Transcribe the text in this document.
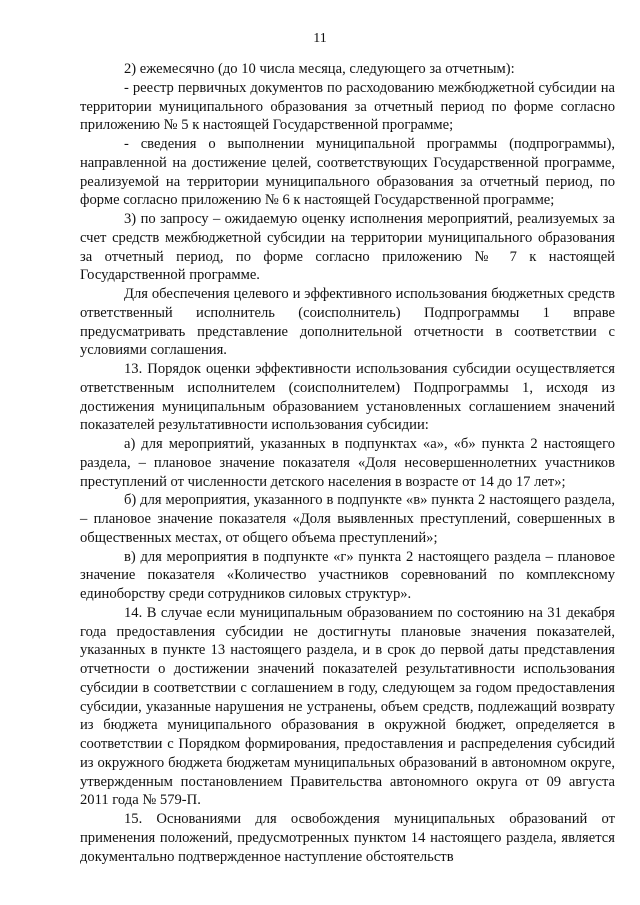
11

2) ежемесячно (до 10 числа месяца, следующего за отчетным):

- реестр первичных документов по расходованию межбюджетной субсидии на территории муниципального образования за отчетный период по форме согласно приложению № 5 к настоящей Государственной программе;

- сведения о выполнении муниципальной программы (подпрограммы), направленной на достижение целей, соответствующих Государственной программе, реализуемой на территории муниципального образования за отчетный период, по форме согласно приложению № 6 к настоящей Государственной программе;

3) по запросу – ожидаемую оценку исполнения мероприятий, реализуемых за счет средств межбюджетной субсидии на территории муниципального образования за отчетный период, по форме согласно приложению № 7 к настоящей Государственной программе.

Для обеспечения целевого и эффективного использования бюджетных средств ответственный исполнитель (соисполнитель) Подпрограммы 1 вправе предусматривать представление дополнительной отчетности в соответствии с условиями соглашения.

13. Порядок оценки эффективности использования субсидии осуществляется ответственным исполнителем (соисполнителем) Подпрограммы 1, исходя из достижения муниципальным образованием установленных соглашением значений показателей результативности использования субсидии:

а) для мероприятий, указанных в подпунктах «а», «б» пункта 2 настоящего раздела, – плановое значение показателя «Доля несовершеннолетних участников преступлений от численности детского населения в возрасте от 14 до 17 лет»;

б) для мероприятия, указанного в подпункте «в» пункта 2 настоящего раздела, – плановое значение показателя «Доля выявленных преступлений, совершенных в общественных местах, от общего объема преступлений»;

в) для мероприятия в подпункте «г» пункта 2 настоящего раздела – плановое значение показателя «Количество участников соревнований по комплексному единоборству среди сотрудников силовых структур».

14. В случае если муниципальным образованием по состоянию на 31 декабря года предоставления субсидии не достигнуты плановые значения показателей, указанных в пункте 13 настоящего раздела, и в срок до первой даты представления отчетности о достижении значений показателей результативности использования субсидии в соответствии с соглашением в году, следующем за годом предоставления субсидии, указанные нарушения не устранены, объем средств, подлежащий возврату из бюджета муниципального образования в окружной бюджет, определяется в соответствии с Порядком формирования, предоставления и распределения субсидий из окружного бюджета бюджетам муниципальных образований в автономном округе, утвержденным постановлением Правительства автономного округа от 09 августа 2011 года № 579-П.

15. Основаниями для освобождения муниципальных образований от применения положений, предусмотренных пунктом 14 настоящего раздела, является документально подтвержденное наступление обстоятельств
